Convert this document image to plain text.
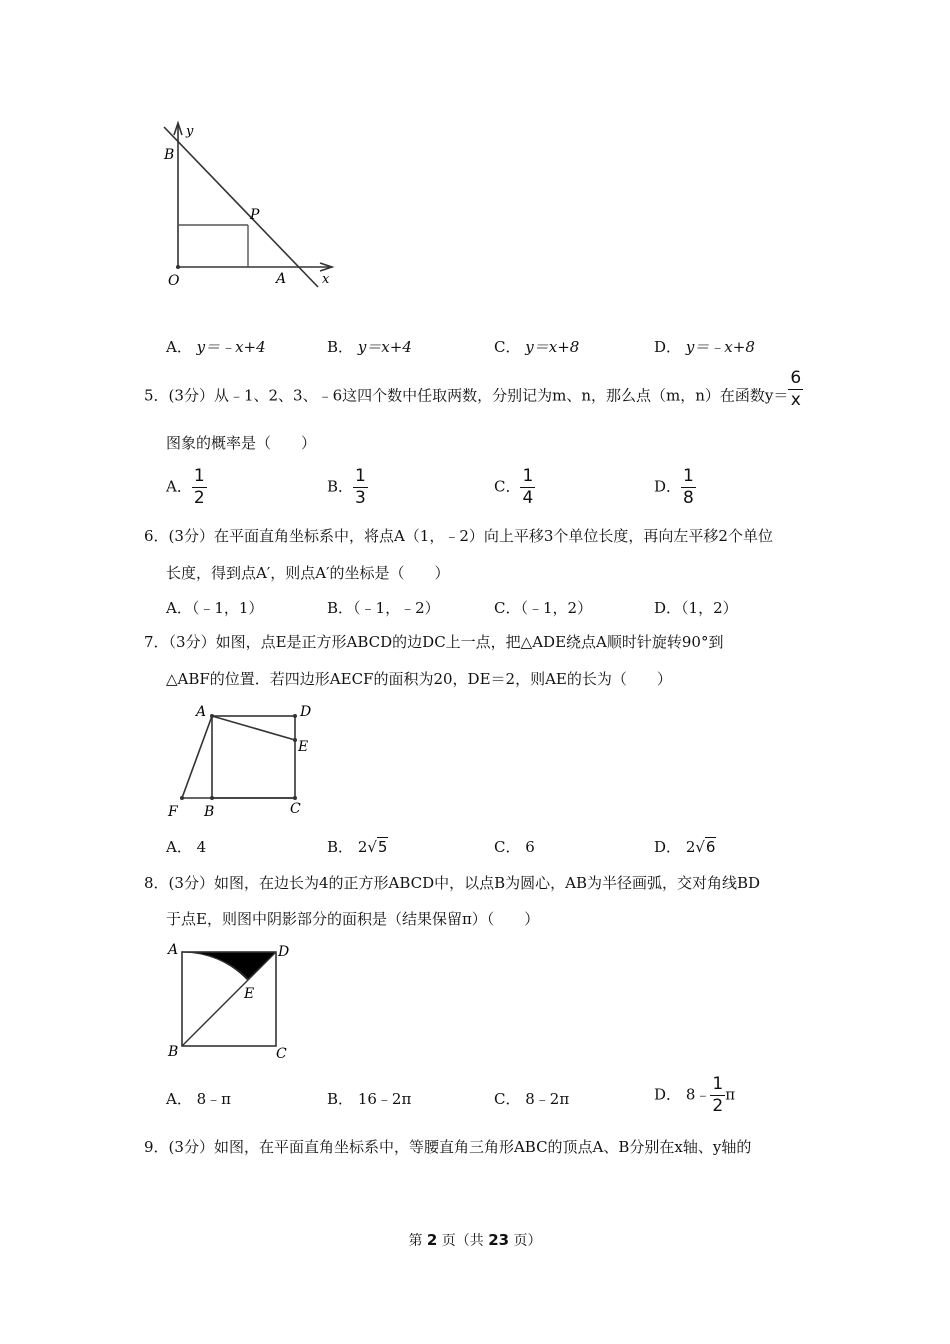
y
B
P
O	A	x
A． y＝﹣x+4	B． y＝x+4	C． y＝x+8	D． y＝﹣x+8
5．(3分）从﹣1、2、3、﹣6这四个数中任取两数，分别记为m、n，那么点（m，n）在函数$y= \frac{6}{x}$
图象的概率是（　　）
A． $\frac{1}{2}$	B． $\frac{1}{3}$	C． $\frac{1}{4}$	D． $\frac{1}{8}$
6．(3分）在平面直角坐标系中，将点A（1，﹣2）向上平移3个单位长度，再向左平移2个单位
长度，得到点A′，则点A′的坐标是（　　）
A．（﹣1，1）	B．（﹣1，﹣2）	C．（﹣1，2）	D．（1，2）
7．（3分）如图，点E是正方形ABCD的边DC上一点，把△ADE绕点A顺时针旋转90°到
△ABF的位置．若四边形AECF的面积为20，DE＝2，则AE的长为（　　）
A	D
E
F B	C
A． 4	B． 2√5	C． 6	D． 2√6
8．(3分）如图，在边长为4的正方形ABCD中，以点B为圆心，AB为半径画弧，交对角线BD
于点E，则图中阴影部分的面积是（结果保留π）（　　）
A	D
E
B	C
A． 8﹣π	B． 16﹣2π	C． 8﹣2π	D． 8﹣ $\frac{1}{2}$ π
9．(3分）如图，在平面直角坐标系中，等腰直角三角形ABC的顶点A、B分别在x轴、y轴的
第 2 页（共 23 页）
